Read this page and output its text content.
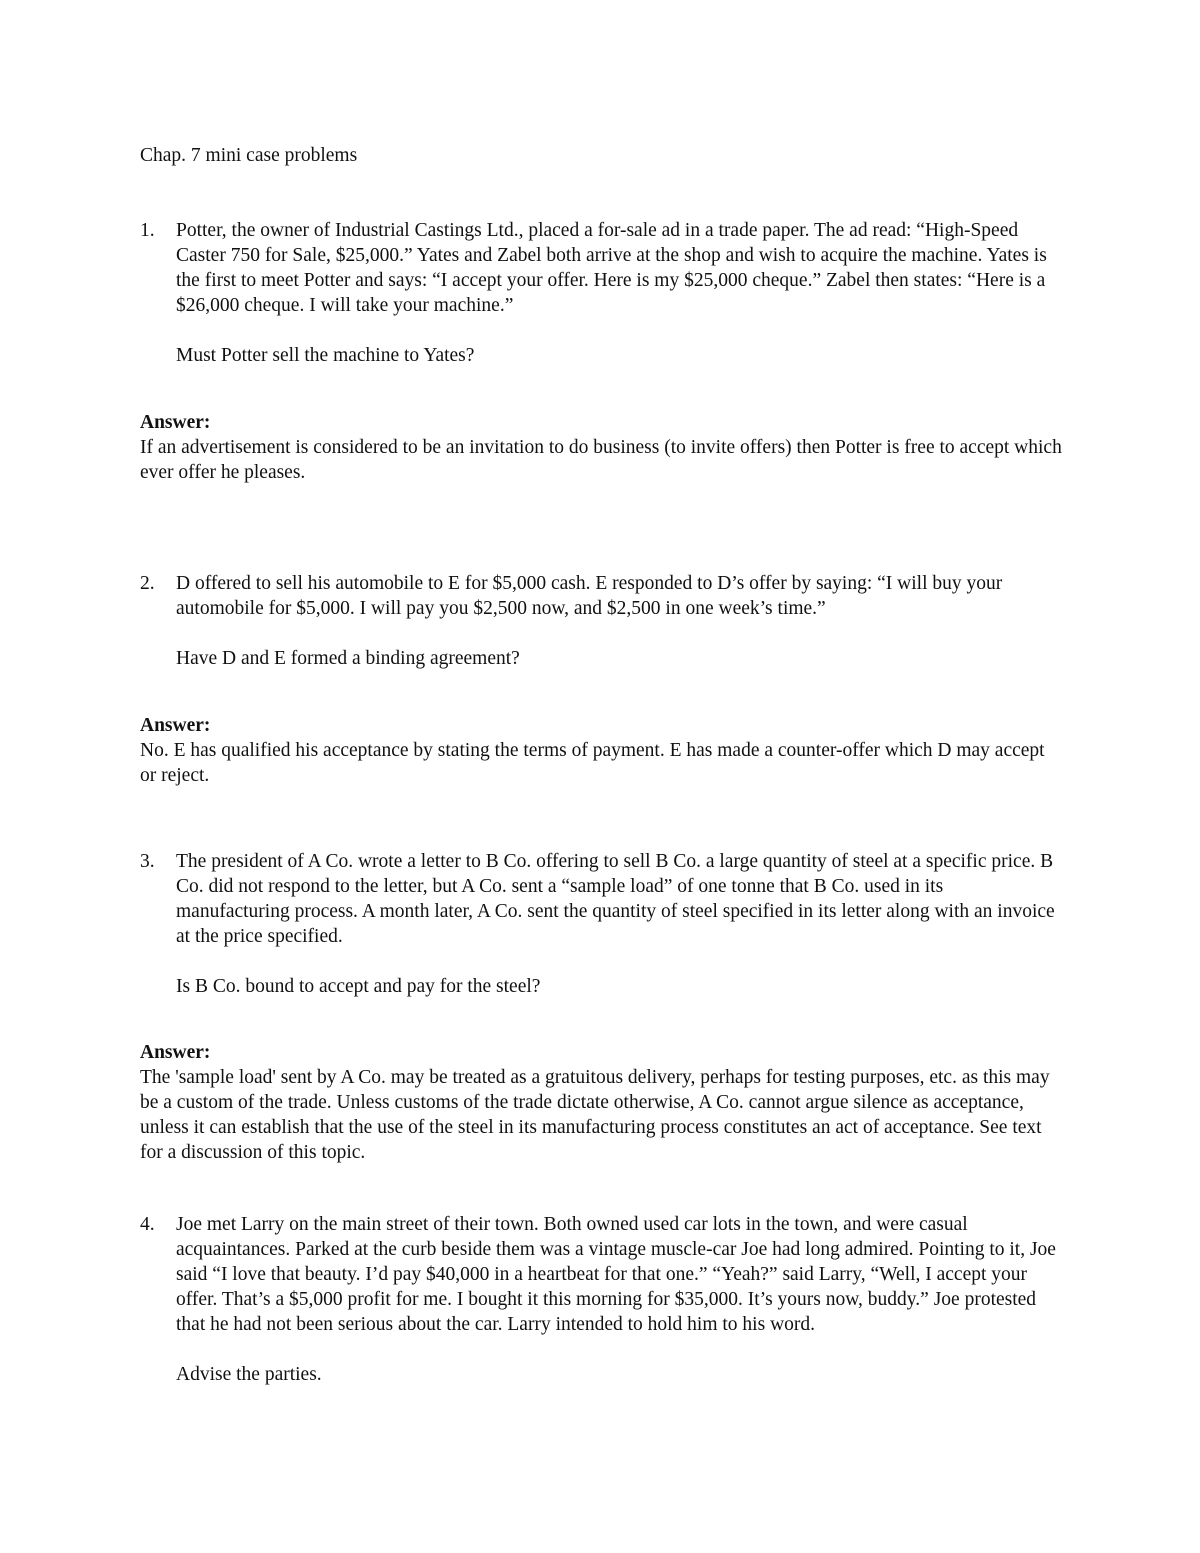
Chap. 7 mini case problems
1. Potter, the owner of Industrial Castings Ltd., placed a for-sale ad in a trade paper. The ad read: “High-Speed Caster 750 for Sale, $25,000.” Yates and Zabel both arrive at the shop and wish to acquire the machine. Yates is the first to meet Potter and says: “I accept your offer. Here is my $25,000 cheque.” Zabel then states: “Here is a $26,000 cheque. I will take your machine.”
Must Potter sell the machine to Yates?
Answer:

If an advertisement is considered to be an invitation to do business (to invite offers) then Potter is free to accept which ever offer he pleases.

2. D offered to sell his automobile to E for $5,000 cash. E responded to D’s offer by saying: “I will buy your automobile for $5,000. I will pay you $2,500 now, and $2,500 in one week’s time.”
Have D and E formed a binding agreement?
Answer:

No. E has qualified his acceptance by stating the terms of payment. E has made a counter-offer which D may accept or reject.

3. The president of A Co. wrote a letter to B Co. offering to sell B Co. a large quantity of steel at a specific price. B Co. did not respond to the letter, but A Co. sent a “sample load” of one tonne that B Co. used in its manufacturing process. A month later, A Co. sent the quantity of steel specified in its letter along with an invoice at the price specified.
Is B Co. bound to accept and pay for the steel?
Answer:

The 'sample load' sent by A Co. may be treated as a gratuitous delivery, perhaps for testing purposes, etc. as this may be a custom of the trade. Unless customs of the trade dictate otherwise, A Co. cannot argue silence as acceptance, unless it can establish that the use of the steel in its manufacturing process constitutes an act of acceptance. See text for a discussion of this topic.

4. Joe met Larry on the main street of their town. Both owned used car lots in the town, and were casual acquaintances. Parked at the curb beside them was a vintage muscle-car Joe had long admired. Pointing to it, Joe said “I love that beauty. I’d pay $40,000 in a heartbeat for that one.” “Yeah?” said Larry, “Well, I accept your offer. That’s a $5,000 profit for me. I bought it this morning for $35,000. It’s yours now, buddy.” Joe protested that he had not been serious about the car. Larry intended to hold him to his word.
Advise the parties.
